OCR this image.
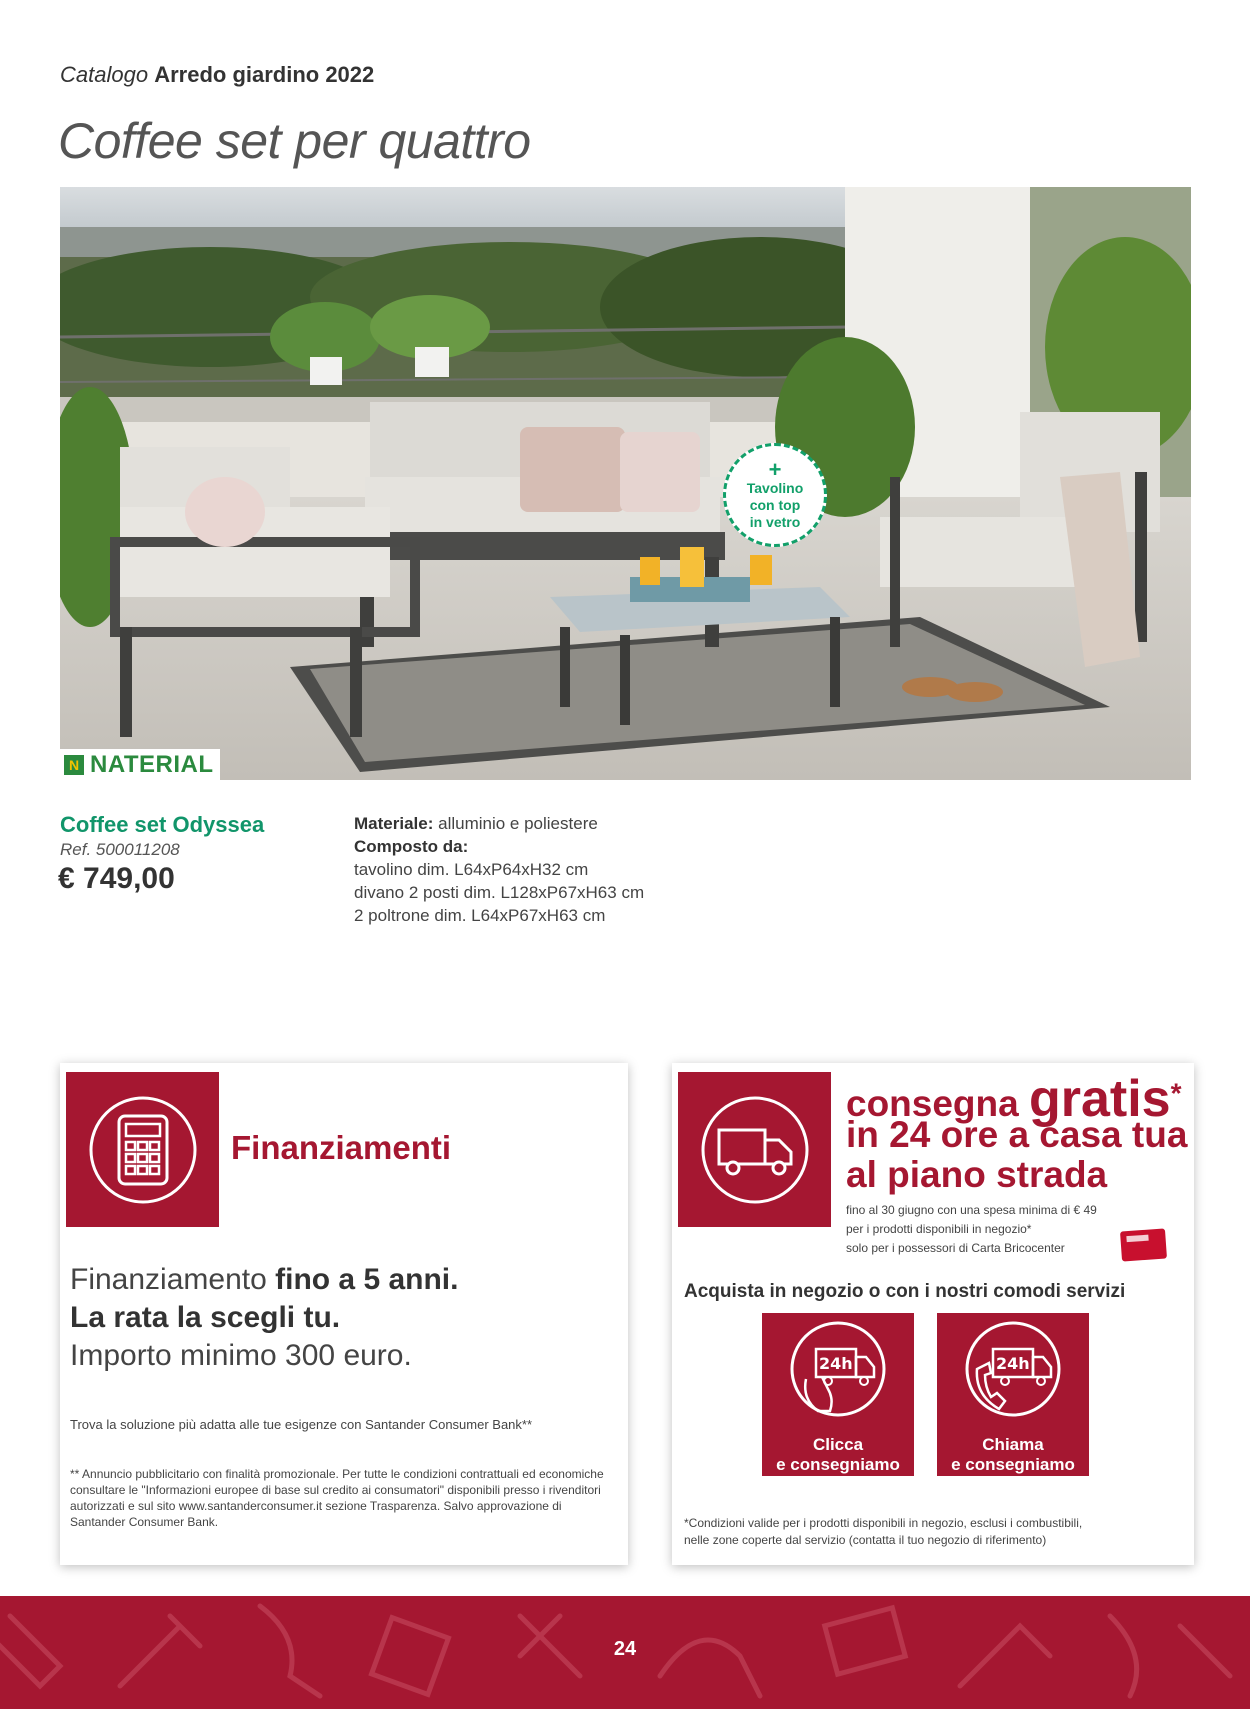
Catalogo Arredo giardino 2022
Coffee set per quattro
+
Tavolino
con top
in vetro
N NATERIAL
Coffee set Odyssea
Ref. 500011208
€ 749,00
Materiale: alluminio e poliestere
Composto da:
tavolino dim. L64xP64xH32 cm
divano 2 posti dim. L128xP67xH63 cm
2 poltrone dim. L64xP67xH63 cm
Finanziamenti
Finanziamento fino a 5 anni.
La rata la scegli tu.
Importo minimo 300 euro.
Trova la soluzione più adatta alle tue esigenze con Santander Consumer Bank**
** Annuncio pubblicitario con finalità promozionale. Per tutte le condizioni contrattuali ed economiche consultare le "Informazioni europee di base sul credito ai consumatori" disponibili presso i rivenditori autorizzati e sul sito www.santanderconsumer.it sezione Trasparenza. Salvo approvazione di Santander Consumer Bank.
consegna gratis*
in 24 ore a casa tua
al piano strada
fino al 30 giugno con una spesa minima di € 49
per i prodotti disponibili in negozio*
solo per i possessori di Carta Bricocenter
Acquista in negozio o con i nostri comodi servizi
24h
Clicca
e consegniamo
24h
Chiama
e consegniamo
*Condizioni valide per i prodotti disponibili in negozio, esclusi i combustibili,
nelle zone coperte dal servizio (contatta il tuo negozio di riferimento)
24
